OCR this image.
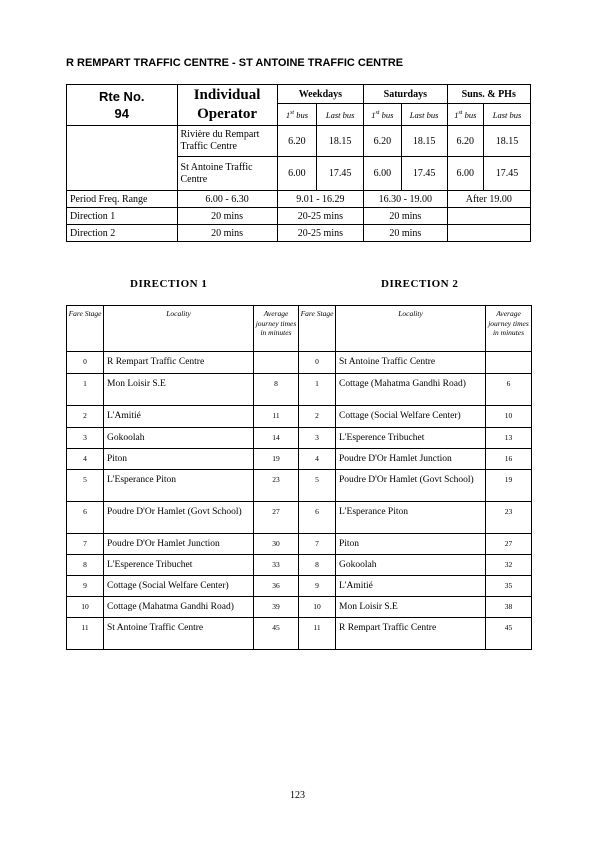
R REMPART TRAFFIC CENTRE - ST ANTOINE TRAFFIC CENTRE
Rte No.
94	Individual Operator	Weekdays		Saturdays		Suns. & PHs	
		1st bus	Last bus	1st bus	Last bus	1st bus	Last bus
	Rivière du Rempart Traffic Centre	6.20	18.15	6.20	18.15	6.20	18.15
	St Antoine Traffic Centre	6.00	17.45	6.00	17.45	6.00	17.45
Period Freq. Range	6.00 - 6.30	9.01 - 16.29		16.30 - 19.00		After 19.00	
Direction 1	20 mins	20-25 mins		20 mins			
Direction 2	20 mins	20-25 mins		20 mins			
DIRECTION 1	DIRECTION 2
Fare Stage	Locality	Average journey times in minutes	Fare Stage	Locality	Average journey times in minutes
0	R Rempart Traffic Centre		0	St Antoine Traffic Centre	
1	Mon Loisir S.E	8	1	Cottage (Mahatma Gandhi Road)	6
2	L'Amitié	11	2	Cottage (Social Welfare Center)	10
3	Gokoolah	14	3	L'Esperence Tribuchet	13
4	Piton	19	4	Poudre D'Or Hamlet Junction	16
5	L'Esperance Piton	23	5	Poudre D'Or Hamlet (Govt School)	19
6	Poudre D'Or Hamlet (Govt School)	27	6	L'Esperance Piton	23
7	Poudre D'Or Hamlet Junction	30	7	Piton	27
8	L'Esperence Tribuchet	33	8	Gokoolah	32
9	Cottage (Social Welfare Center)	36	9	L'Amitié	35
10	Cottage (Mahatma Gandhi Road)	39	10	Mon Loisir S.E	38
11	St Antoine Traffic Centre	45	11	R Rempart Traffic Centre	45
123
